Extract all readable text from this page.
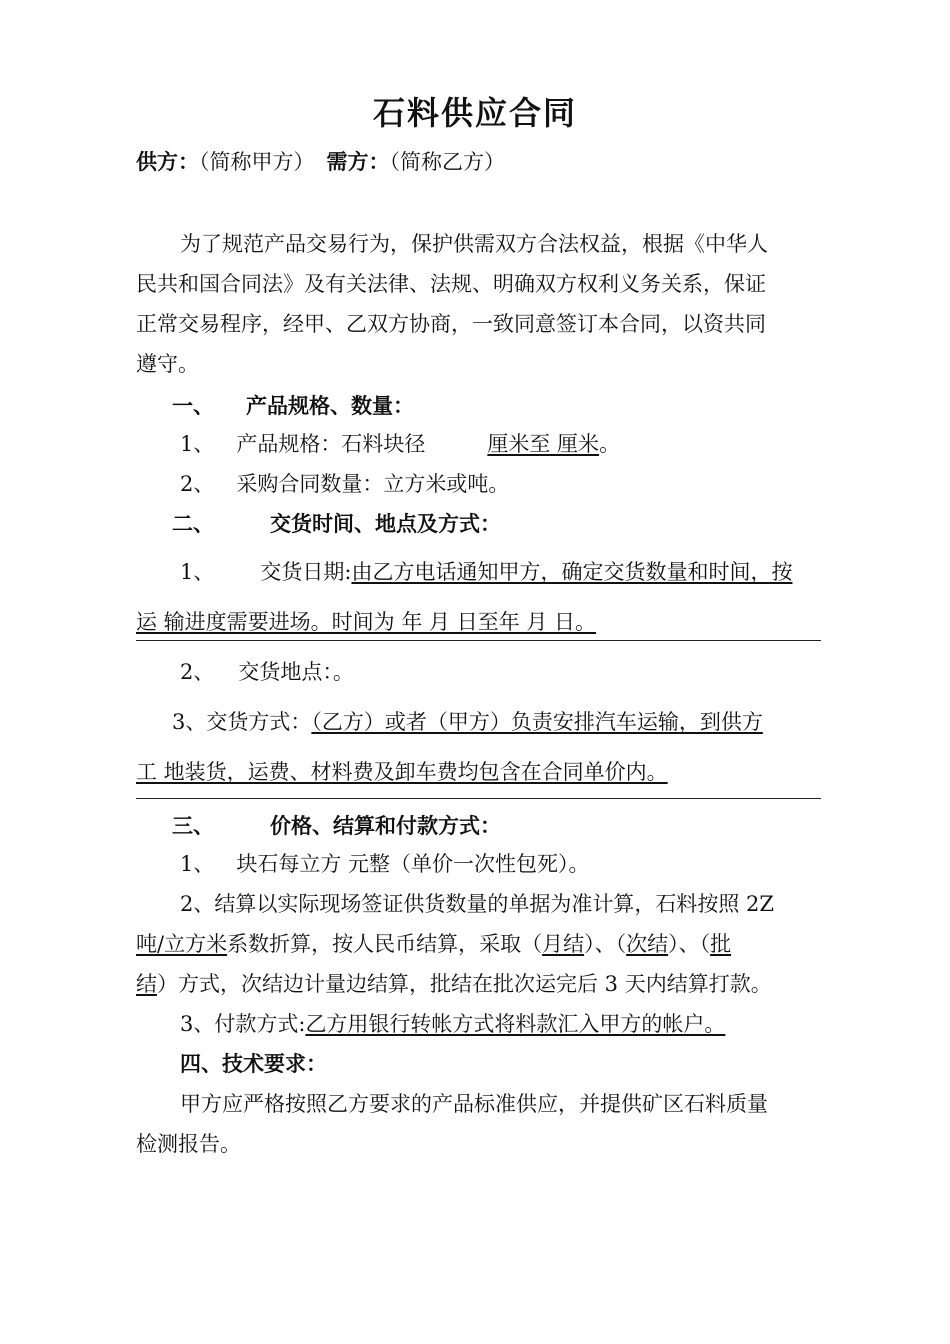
石料供应合同
供方：（简称甲方） 需方：（简称乙方）
为了规范产品交易行为，保护供需双方合法权益，根据《中华人
民共和国合同法》及有关法律、法规、明确双方权利义务关系，保证
正常交易程序，经甲、乙双方协商，一致同意签订本合同，以资共同
遵守。
一、 产品规格、数量：
1、 产品规格：石料块径	厘米至 厘米。
2、 采购合同数量：立方米或吨。
二、	交货时间、地点及方式：
1、 交货日期:由乙方电话通知甲方，确定交货数量和时间，按
运 输进度需要进场。时间为 年 月 日至年 月 日。
2、 交货地点：。
3、交货方式：（乙方）或者（甲方）负责安排汽车运输，到供方
工 地装货，运费、材料费及卸车费均包含在合同单价内。
三、	价格、结算和付款方式：
1、 块石每立方 元整（单价一次性包死）。
2、结算以实际现场签证供货数量的单据为准计算，石料按照 2Z
吨/立方米系数折算，按人民币结算，采取（月结）、（次结）、（批
结）方式，次结边计量边结算，批结在批次运完后 3 天内结算打款。
3、付款方式:乙方用银行转帐方式将料款汇入甲方的帐户。
四、技术要求：
甲方应严格按照乙方要求的产品标准供应，并提供矿区石料质量
检测报告。
